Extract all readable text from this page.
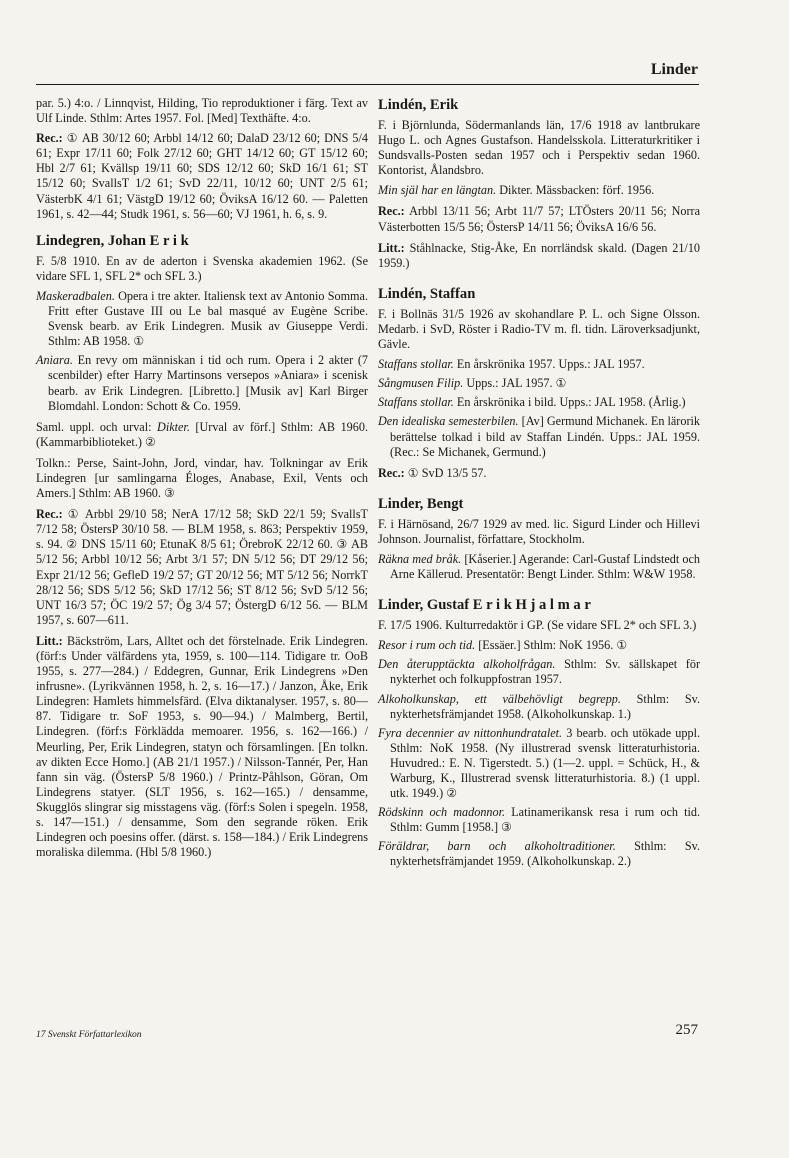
Linder

par. 5.) 4:o. / Linnqvist, Hilding, Tio reproduktioner i färg. Text av Ulf Linde. Sthlm: Artes 1957. Fol. [Med] Texthäfte. 4:o.

Rec.: ① AB 30/12 60; Arbbl 14/12 60; DalaD 23/12 60; DNS 5/4 61; Expr 17/11 60; Folk 27/12 60; GHT 14/12 60; GT 15/12 60; Hbl 2/7 61; Kvällsp 19/11 60; SDS 12/12 60; SkD 16/1 61; ST 15/12 60; SvallsT 1/2 61; SvD 22/11, 10/12 60; UNT 2/5 61; VästerbK 4/1 61; VästgD 19/12 60; ÖviksA 16/12 60. — Paletten 1961, s. 42—44; Studk 1961, s. 56—60; VJ 1961, h. 6, s. 9.

Lindegren, Johan E r i k

F. 5/8 1910. En av de aderton i Svenska akademien 1962. (Se vidare SFL 1, SFL 2* och SFL 3.)

Maskeradbalen. Opera i tre akter. Italiensk text av Antonio Somma. Fritt efter Gustave III ou Le bal masqué av Eugène Scribe. Svensk bearb. av Erik Lindegren. Musik av Giuseppe Verdi. Sthlm: AB 1958. ①

Aniara. En revy om människan i tid och rum. Opera i 2 akter (7 scenbilder) efter Harry Martinsons versepos »Aniara» i scenisk bearb. av Erik Lindegren. [Libretto.] [Musik av] Karl Birger Blomdahl. London: Schott & Co. 1959.

Saml. uppl. och urval: Dikter. [Urval av förf.] Sthlm: AB 1960. (Kammarbiblioteket.) ②

Tolkn.: Perse, Saint-John, Jord, vindar, hav. Tolkningar av Erik Lindegren [ur samlingarna Éloges, Anabase, Exil, Vents och Amers.] Sthlm: AB 1960. ③

Rec.: ① Arbbl 29/10 58; NerA 17/12 58; SkD 22/1 59; SvallsT 7/12 58; ÖstersP 30/10 58. — BLM 1958, s. 863; Perspektiv 1959, s. 94. ② DNS 15/11 60; EtunaK 8/5 61; ÖrebroK 22/12 60. ③ AB 5/12 56; Arbbl 10/12 56; Arbt 3/1 57; DN 5/12 56; DT 29/12 56; Expr 21/12 56; GefleD 19/2 57; GT 20/12 56; MT 5/12 56; NorrkT 28/12 56; SDS 5/12 56; SkD 17/12 56; ST 8/12 56; SvD 5/12 56; UNT 16/3 57; ÖC 19/2 57; Ög 3/4 57; ÖstergD 6/12 56. — BLM 1957, s. 607—611.

Litt.: Bäckström, Lars, Alltet och det förstelnade. Erik Lindegren. (förf:s Under välfärdens yta, 1959, s. 100—114. Tidigare tr. OoB 1955, s. 277—284.) / Eddegren, Gunnar, Erik Lindegrens »Den infrusne». (Lyrikvännen 1958, h. 2, s. 16—17.) / Janzon, Åke, Erik Lindegren: Hamlets himmelsfärd. (Elva diktanalyser. 1957, s. 80—87. Tidigare tr. SoF 1953, s. 90—94.) / Malmberg, Bertil, Lindegren. (förf:s Förklädda memoarer. 1956, s. 162—166.) / Meurling, Per, Erik Lindegren, statyn och församlingen. [En tolkn. av dikten Ecce Homo.] (AB 21/1 1957.) / Nilsson-Tannér, Per, Han fann sin väg. (ÖstersP 5/8 1960.) / Printz-Påhlson, Göran, Om Lindegrens statyer. (SLT 1956, s. 162—165.) / densamme, Skugglös slingrar sig misstagens väg. (förf:s Solen i spegeln. 1958, s. 147—151.) / densamme, Som den segrande röken. Erik Lindegren och poesins offer. (därst. s. 158—184.) / Erik Lindegrens moraliska dilemma. (Hbl 5/8 1960.)

Lindén, Erik

F. i Björnlunda, Södermanlands län, 17/6 1918 av lantbrukare Hugo L. och Agnes Gustafson. Handelsskola. Litteraturkritiker i Sundsvalls-Posten sedan 1957 och i Perspektiv sedan 1960. Kontorist, Ålandsbro.

Min själ har en längtan. Dikter. Mässbacken: förf. 1956.

Rec.: Arbbl 13/11 56; Arbt 11/7 57; LTÖsters 20/11 56; Norra Västerbotten 15/5 56; ÖstersP 14/11 56; ÖviksA 16/6 56.

Litt.: Ståhlnacke, Stig-Åke, En norrländsk skald. (Dagen 21/10 1959.)

Lindén, Staffan

F. i Bollnäs 31/5 1926 av skohandlare P. L. och Signe Olsson. Medarb. i SvD, Röster i Radio-TV m. fl. tidn. Läroverksadjunkt, Gävle.

Staffans stollar. En årskrönika 1957. Upps.: JAL 1957.

Sångmusen Filip. Upps.: JAL 1957. ①

Staffans stollar. En årskrönika i bild. Upps.: JAL 1958. (Årlig.)

Den idealiska semesterbilen. [Av] Germund Michanek. En lärorik berättelse tolkad i bild av Staffan Lindén. Upps.: JAL 1959. (Rec.: Se Michanek, Germund.)

Rec.: ① SvD 13/5 57.

Linder, Bengt

F. i Härnösand, 26/7 1929 av med. lic. Sigurd Linder och Hillevi Johnson. Journalist, författare, Stockholm.

Räkna med bråk. [Kåserier.] Agerande: Carl-Gustaf Lindstedt och Arne Källerud. Presentatör: Bengt Linder. Sthlm: W&W 1958.

Linder, Gustaf E r i k H j a l m a r

F. 17/5 1906. Kulturredaktör i GP. (Se vidare SFL 2* och SFL 3.)

Resor i rum och tid. [Essäer.] Sthlm: NoK 1956. ①

Den återupptäckta alkoholfrågan. Sthlm: Sv. sällskapet för nykterhet och folkuppfostran 1957.

Alkoholkunskap, ett välbehövligt begrepp. Sthlm: Sv. nykterhetsfrämjandet 1958. (Alkoholkunskap. 1.)

Fyra decennier av nittonhundratalet. 3 bearb. och utökade uppl. Sthlm: NoK 1958. (Ny illustrerad svensk litteraturhistoria. Huvudred.: E. N. Tigerstedt. 5.) (1—2. uppl. = Schück, H., & Warburg, K., Illustrerad svensk litteraturhistoria. 8.) (1 uppl. utk. 1949.) ②

Rödskinn och madonnor. Latinamerikansk resa i rum och tid. Sthlm: Gumm [1958.] ③

Föräldrar, barn och alkoholtraditioner. Sthlm: Sv. nykterhetsfrämjandet 1959. (Alkoholkunskap. 2.)

17 Svenskt Författarlexikon	257
